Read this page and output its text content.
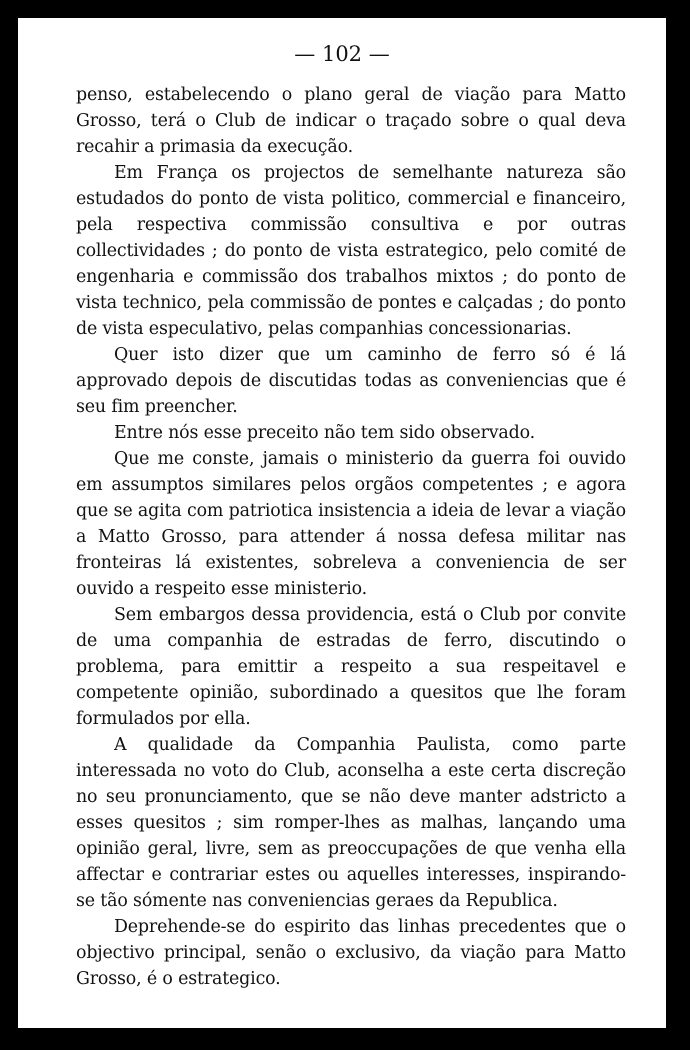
— 102 —

penso, estabelecendo o plano geral de viação para Matto Grosso, terá o Club de indicar o traçado sobre o qual deva recahir a primasia da execução.

Em França os projectos de semelhante natureza são estudados do ponto de vista politico, commercial e financeiro, pela respectiva commissão consultiva e por outras collectividades ; do ponto de vista estrategico, pelo comité de engenharia e commissão dos trabalhos mixtos ; do ponto de vista technico, pela commissão de pontes e calçadas ; do ponto de vista especulativo, pelas companhias concessionarias.

Quer isto dizer que um caminho de ferro só é lá approvado depois de discutidas todas as conveniencias que é seu fim preencher.

Entre nós esse preceito não tem sido observado.

Que me conste, jamais o ministerio da guerra foi ouvido em assumptos similares pelos orgãos competentes ; e agora que se agita com patriotica insistencia a ideia de levar a viação a Matto Grosso, para attender á nossa defesa militar nas fronteiras lá existentes, sobreleva a conveniencia de ser ouvido a respeito esse ministerio.

Sem embargos dessa providencia, está o Club por convite de uma companhia de estradas de ferro, discutindo o problema, para emittir a respeito a sua respeitavel e competente opinião, subordinado a quesitos que lhe foram formulados por ella.

A qualidade da Companhia Paulista, como parte interessada no voto do Club, aconselha a este certa discreção no seu pronunciamento, que se não deve manter adstricto a esses quesitos ; sim romper-lhes as malhas, lançando uma opinião geral, livre, sem as preoccupações de que venha ella affectar e contrariar estes ou aquelles interesses, inspirando-se tão sómente nas conveniencias geraes da Republica.

Deprehende-se do espirito das linhas precedentes que o objectivo principal, senão o exclusivo, da viação para Matto Grosso, é o estrategico.
